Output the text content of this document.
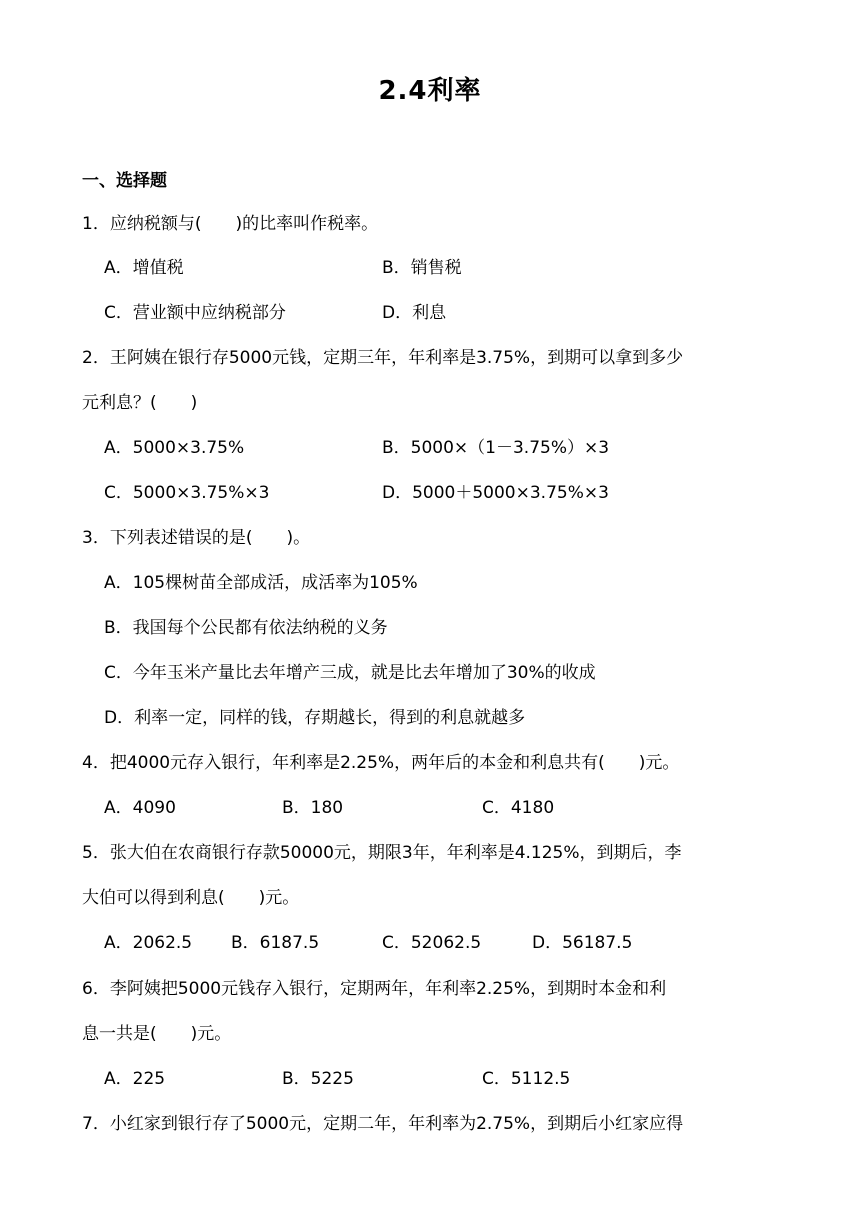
2.4利率
一、选择题
1．应纳税额与(　　)的比率叫作税率。
A．增值税	B．销售税
C．营业额中应纳税部分	D．利息
2．王阿姨在银行存5000元钱，定期三年，年利率是3.75%，到期可以拿到多少
元利息？(　　)
A．5000×3.75%	B．5000×（1－3.75%）×3
C．5000×3.75%×3	D．5000＋5000×3.75%×3
3．下列表述错误的是(　　)。
A．105棵树苗全部成活，成活率为105%
B．我国每个公民都有依法纳税的义务
C．今年玉米产量比去年增产三成，就是比去年增加了30%的收成
D．利率一定，同样的钱，存期越长，得到的利息就越多
4．把4000元存入银行，年利率是2.25%，两年后的本金和利息共有(　　)元。
A．4090	B．180	C．4180
5．张大伯在农商银行存款50000元，期限3年，年利率是4.125%，到期后，李
大伯可以得到利息(　　)元。
A．2062.5 B．6187.5	C．52062.5	D．56187.5
6．李阿姨把5000元钱存入银行，定期两年，年利率2.25%，到期时本金和利
息一共是(　　)元。
A．225	B．5225	C．5112.5
7．小红家到银行存了5000元，定期二年，年利率为2.75%，到期后小红家应得
